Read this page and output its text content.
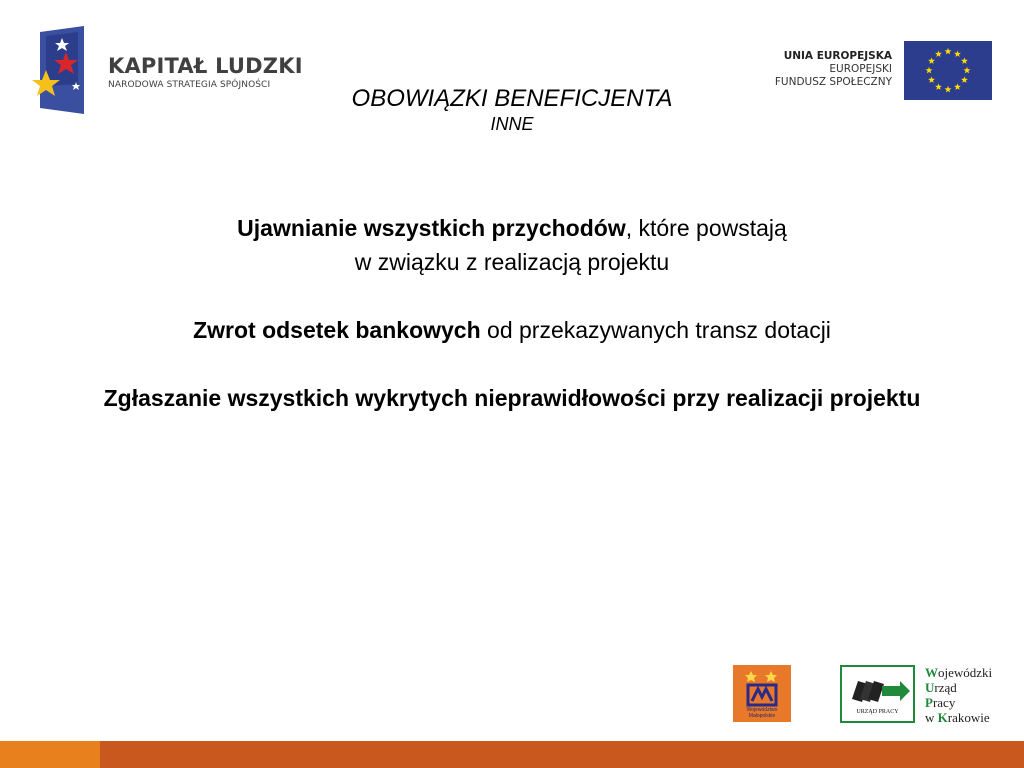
KAPITAŁ LUDZKI
NARODOWA STRATEGIA SPÓJNOŚCI
UNIA EUROPEJSKA
EUROPEJSKI
FUNDUSZ SPOŁECZNY
OBOWIĄZKI BENEFICJENTA
INNE

Ujawnianie wszystkich przychodów, które powstają
w związku z realizacją projektu

Zwrot odsetek bankowych od przekazywanych transz dotacji

Zgłaszanie wszystkich wykrytych nieprawidłowości przy realizacji projektu

Województwo Małopolskie
URZĄD PRACY
Wojewódzki
Urząd
Pracy
w Krakowie
